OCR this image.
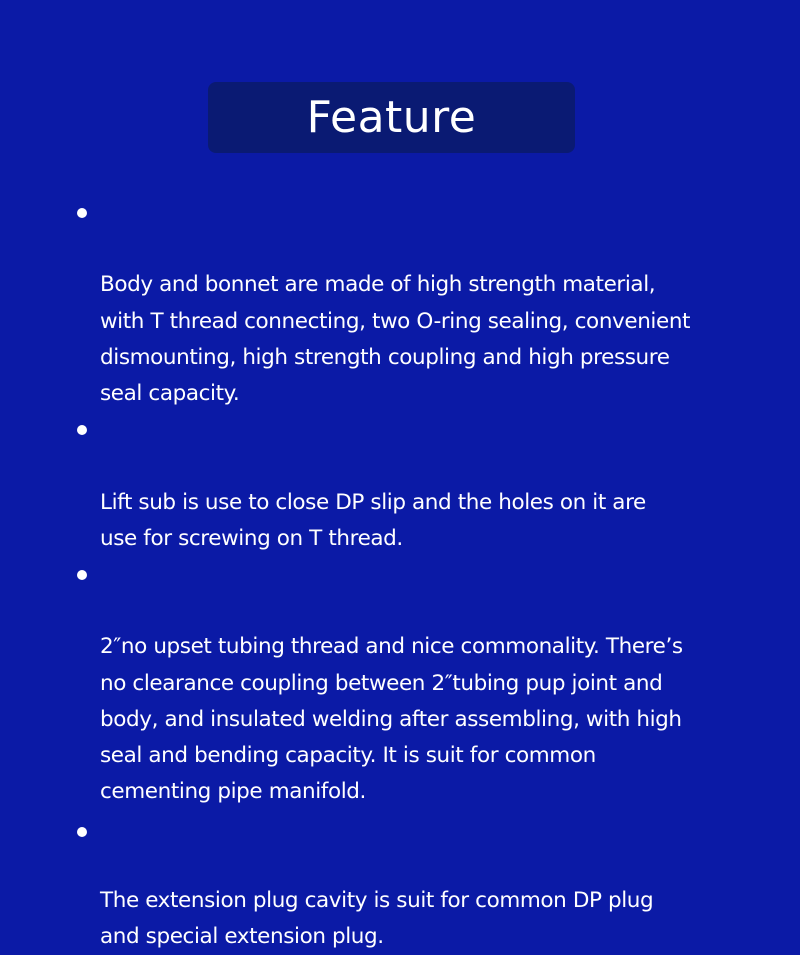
Feature

Body and bonnet are made of high strength material,
with T thread connecting, two O-ring sealing, convenient
dismounting, high strength coupling and high pressure
seal capacity.

Lift sub is use to close DP slip and the holes on it are
use for screwing on T thread.

2″no upset tubing thread and nice commonality. There’s
no clearance coupling between 2″tubing pup joint and
body, and insulated welding after assembling, with high
seal and bending capacity. It is suit for common
cementing pipe manifold.

The extension plug cavity is suit for common DP plug
and special extension plug.
